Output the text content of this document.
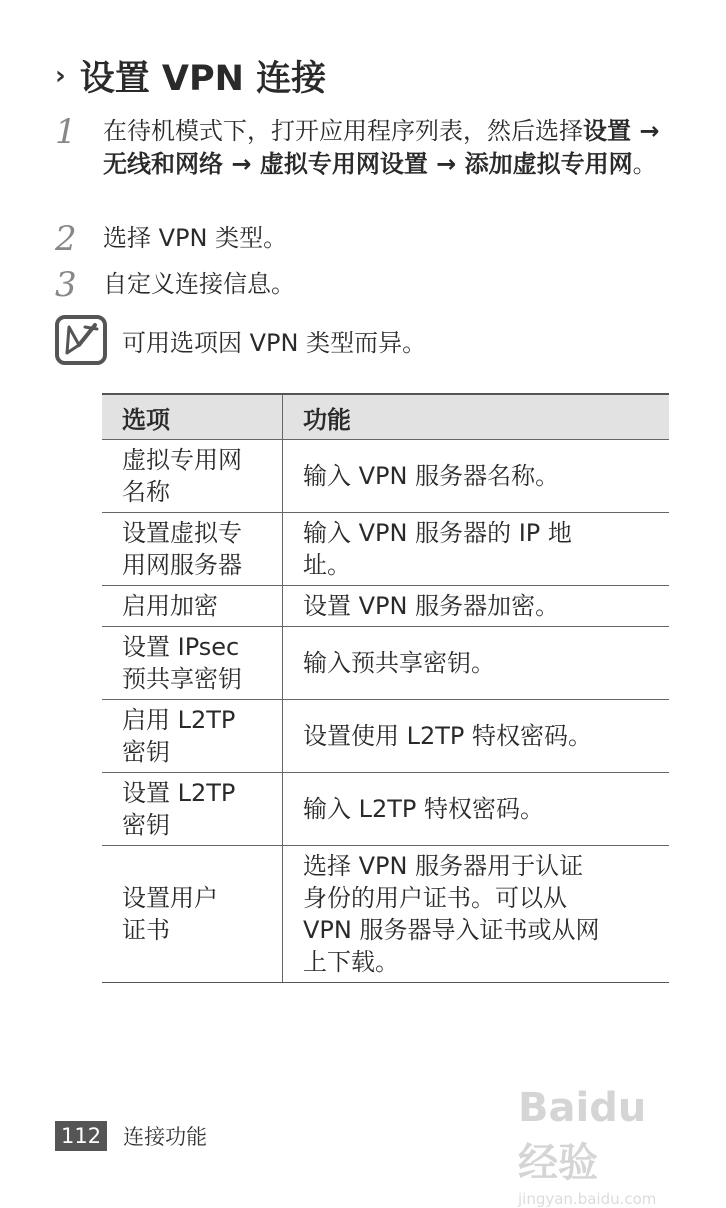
› 设置 VPN 连接
1	在待机模式下，打开应用程序列表，然后选择设置 → 无线和网络 → 虚拟专用网设置 → 添加虚拟专用网。
2	选择 VPN 类型。
3	自定义连接信息。
可用选项因 VPN 类型而异。
选项	功能
虚拟专用网
名称	输入 VPN 服务器名称。
设置虚拟专
用网服务器	输入 VPN 服务器的 IP 地
址。
启用加密	设置 VPN 服务器加密。
设置 IPsec
预共享密钥	输入预共享密钥。
启用 L2TP
密钥	设置使用 L2TP 特权密码。
设置 L2TP
密钥	输入 L2TP 特权密码。
设置用户
证书	选择 VPN 服务器用于认证
身份的用户证书。可以从
VPN 服务器导入证书或从网
上下载。
112 连接功能
Baidu 经验
jingyan.baidu.com
